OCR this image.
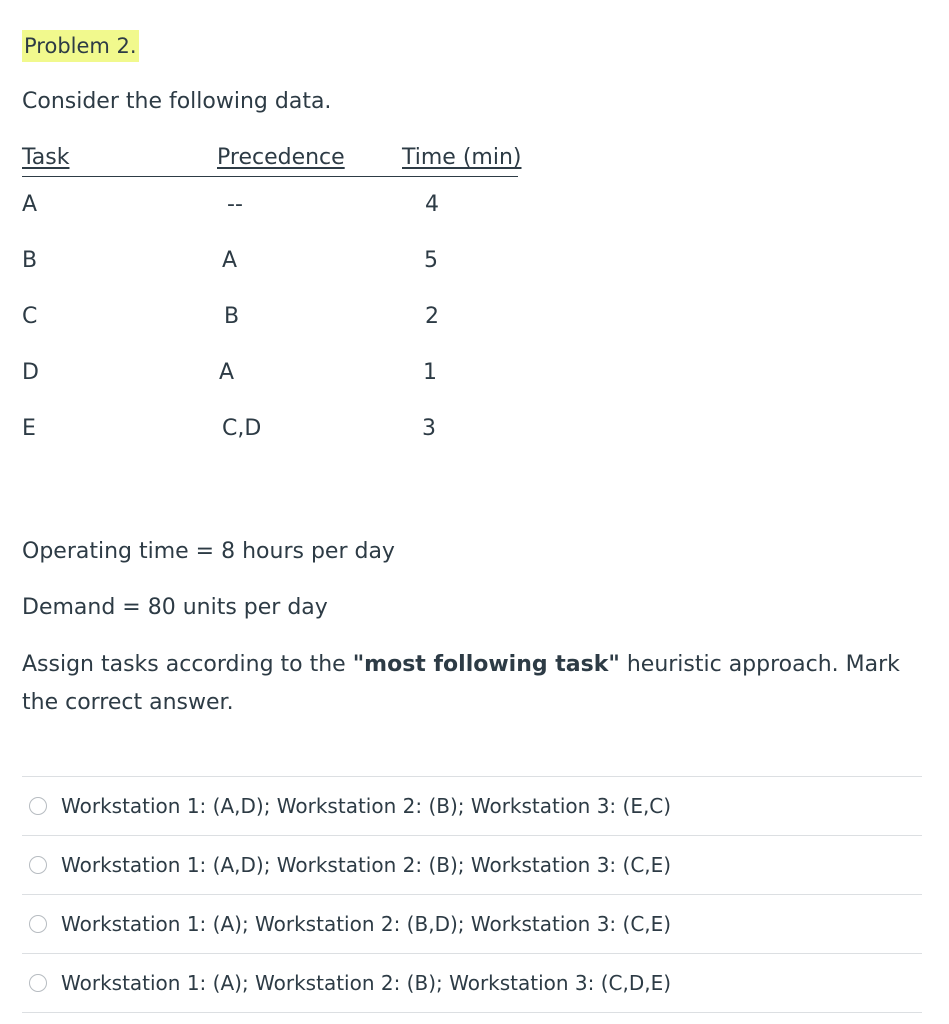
Problem 2.
Consider the following data.
Task	Precedence	Time (min)
A	--	4
B	A	5
C	B	2
D	A	1
E	C,D	3
Operating time = 8 hours per day
Demand = 80 units per day
Assign tasks according to the "most following task" heuristic approach. Mark the correct answer.
Workstation 1: (A,D); Workstation 2: (B); Workstation 3: (E,C)
Workstation 1: (A,D); Workstation 2: (B); Workstation 3: (C,E)
Workstation 1: (A); Workstation 2: (B,D); Workstation 3: (C,E)
Workstation 1: (A); Workstation 2: (B); Workstation 3: (C,D,E)
